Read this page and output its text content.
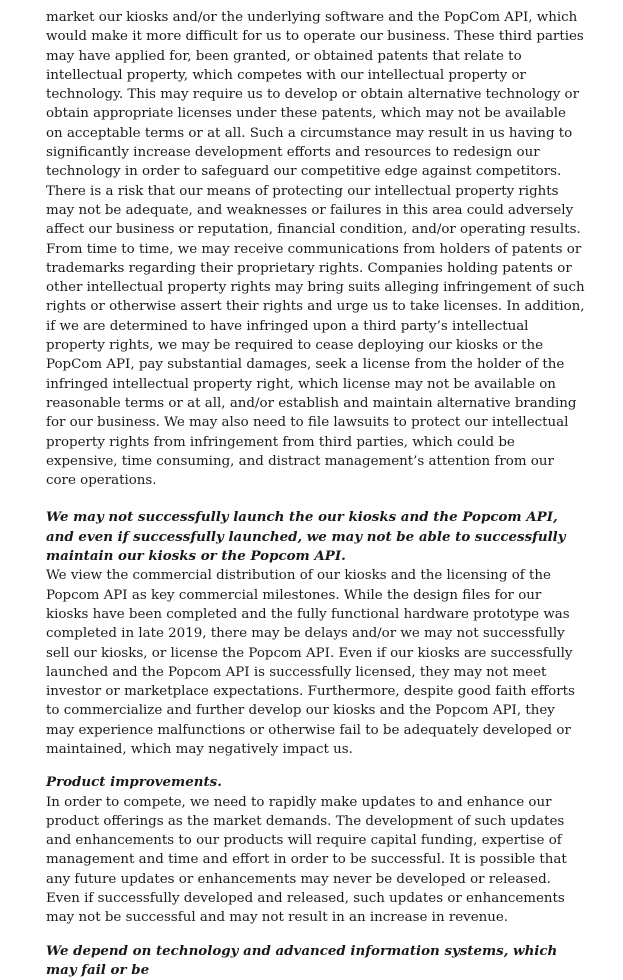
market our kiosks and/or the underlying software and the PopCom API, which would make it more difficult for us to operate our business. These third parties may have applied for, been granted, or obtained patents that relate to intellectual property, which competes with our intellectual property or technology. This may require us to develop or obtain alternative technology or obtain appropriate licenses under these patents, which may not be available on acceptable terms or at all. Such a circumstance may result in us having to significantly increase development efforts and resources to redesign our technology in order to safeguard our competitive edge against competitors. There is a risk that our means of protecting our intellectual property rights may not be adequate, and weaknesses or failures in this area could adversely affect our business or reputation, financial condition, and/or operating results. From time to time, we may receive communications from holders of patents or trademarks regarding their proprietary rights. Companies holding patents or other intellectual property rights may bring suits alleging infringement of such rights or otherwise assert their rights and urge us to take licenses. In addition, if we are determined to have infringed upon a third party’s intellectual property rights, we may be required to cease deploying our kiosks or the PopCom API, pay substantial damages, seek a license from the holder of the infringed intellectual property right, which license may not be available on reasonable terms or at all, and/or establish and maintain alternative branding for our business. We may also need to file lawsuits to protect our intellectual property rights from infringement from third parties, which could be expensive, time consuming, and distract management’s attention from our core operations.

We may not successfully launch the our kiosks and the Popcom API, and even if successfully launched, we may not be able to successfully maintain our kiosks or the Popcom API.

We view the commercial distribution of our kiosks and the licensing of the Popcom API as key commercial milestones. While the design files for our kiosks have been completed and the fully functional hardware prototype was completed in late 2019, there may be delays and/or we may not successfully sell our kiosks, or license the Popcom API. Even if our kiosks are successfully launched and the Popcom API is successfully licensed, they may not meet investor or marketplace expectations. Furthermore, despite good faith efforts to commercialize and further develop our kiosks and the Popcom API, they may experience malfunctions or otherwise fail to be adequately developed or maintained, which may negatively impact us.

Product improvements.

In order to compete, we need to rapidly make updates to and enhance our product offerings as the market demands. The development of such updates and enhancements to our products will require capital funding, expertise of management and time and effort in order to be successful. It is possible that any future updates or enhancements may never be developed or released. Even if successfully developed and released, such updates or enhancements may not be successful and may not result in an increase in revenue.

We depend on technology and advanced information systems, which may fail or be
